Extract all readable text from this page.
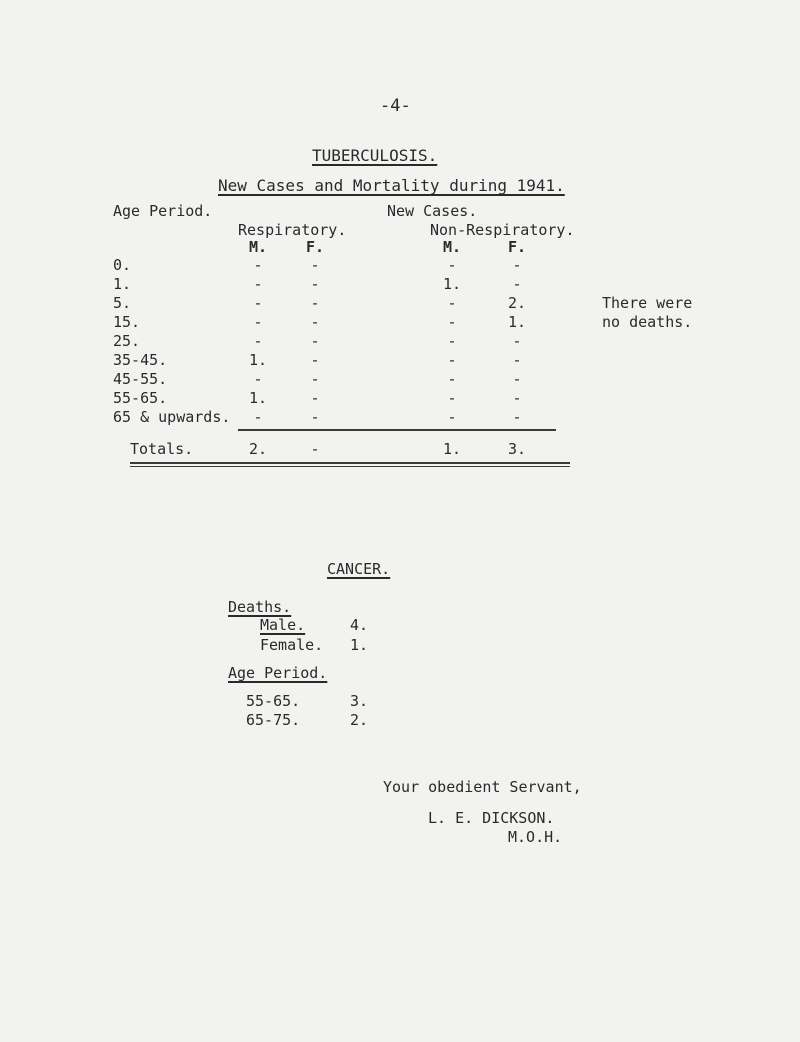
-4-
TUBERCULOSIS.
New Cases and Mortality during 1941.
Age Period.	New Cases.
Respiratory.	Non-Respiratory.
M.	F.	M.	F.
0.	-	-	-	-
1.	-	-	1.	-
5.	-	-	-	2.
15.	-	-	-	1.
25.	-	-	-	-
35-45.	1.	-	-	-
45-55.	-	-	-	-
55-65.	1.	-	-	-
65 & upwards.	-	-	-	-
Totals.	2.	-	1.	3.
There were
no deaths.
CANCER.
Deaths.
Male.	4.
Female. 1.
Age Period.
55-65.	3.
65-75.	2.
Your obedient Servant,
L. E. DICKSON.
M.O.H.
